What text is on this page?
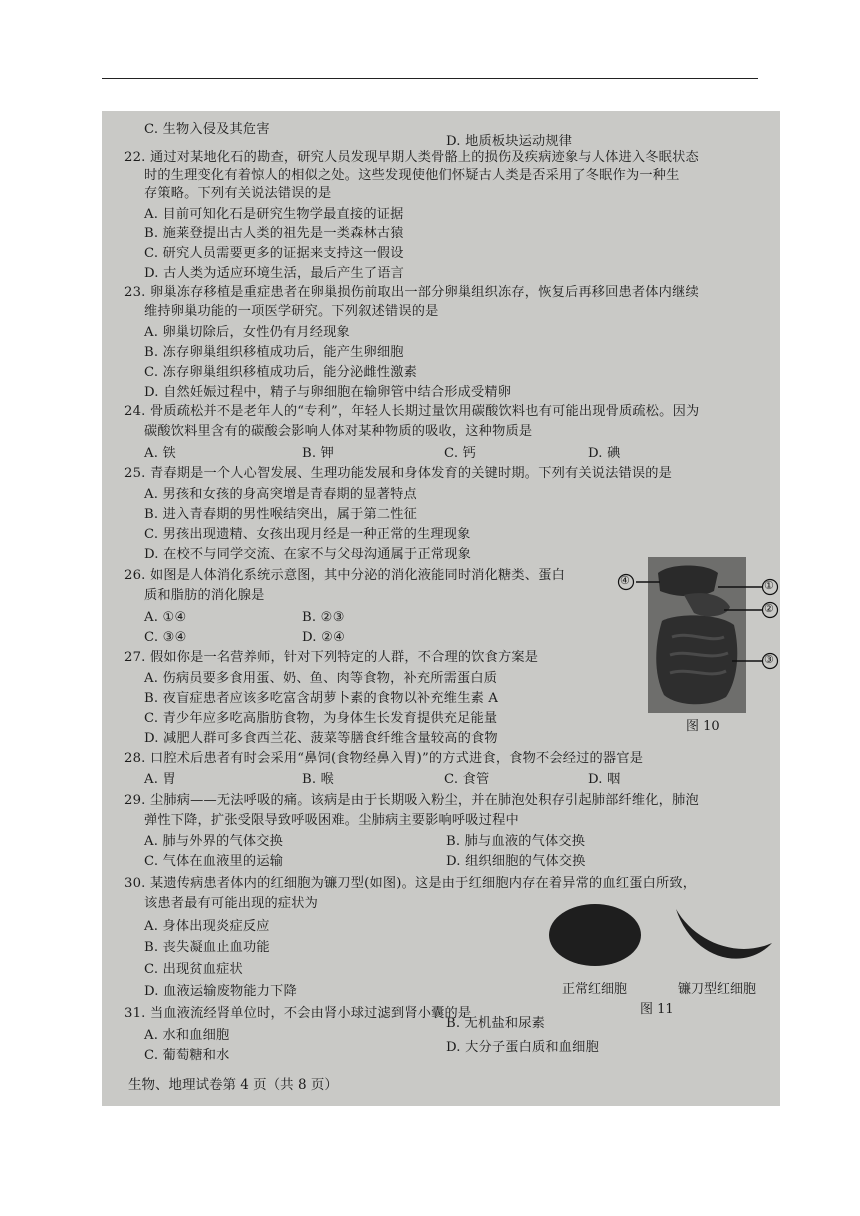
C. 生物入侵及其危害
D. 地质板块运动规律
22. 通过对某地化石的勘查，研究人员发现早期人类骨骼上的损伤及疾病迹象与人体进入冬眠状态
时的生理变化有着惊人的相似之处。这些发现使他们怀疑古人类是否采用了冬眠作为一种生
存策略。下列有关说法错误的是
A. 目前可知化石是研究生物学最直接的证据
B. 施莱登提出古人类的祖先是一类森林古猿
C. 研究人员需要更多的证据来支持这一假设
D. 古人类为适应环境生活，最后产生了语言
23. 卵巢冻存移植是重症患者在卵巢损伤前取出一部分卵巢组织冻存，恢复后再移回患者体内继续
维持卵巢功能的一项医学研究。下列叙述错误的是
A. 卵巢切除后，女性仍有月经现象
B. 冻存卵巢组织移植成功后，能产生卵细胞
C. 冻存卵巢组织移植成功后，能分泌雌性激素
D. 自然妊娠过程中，精子与卵细胞在输卵管中结合形成受精卵
24. 骨质疏松并不是老年人的“专利”，年轻人长期过量饮用碳酸饮料也有可能出现骨质疏松。因为
碳酸饮料里含有的碳酸会影响人体对某种物质的吸收，这种物质是
A. 铁	B. 钾	C. 钙	D. 碘
25. 青春期是一个人心智发展、生理功能发展和身体发育的关键时期。下列有关说法错误的是
A. 男孩和女孩的身高突增是青春期的显著特点
B. 进入青春期的男性喉结突出，属于第二性征
C. 男孩出现遗精、女孩出现月经是一种正常的生理现象
D. 在校不与同学交流、在家不与父母沟通属于正常现象
26. 如图是人体消化系统示意图，其中分泌的消化液能同时消化糖类、蛋白
质和脂肪的消化腺是
A. ①④	B. ②③
C. ③④	D. ②④
27. 假如你是一名营养师，针对下列特定的人群，不合理的饮食方案是
A. 伤病员要多食用蛋、奶、鱼、肉等食物，补充所需蛋白质
B. 夜盲症患者应该多吃富含胡萝卜素的食物以补充维生素 A
C. 青少年应多吃高脂肪食物，为身体生长发育提供充足能量
D. 减肥人群可多食西兰花、菠菜等膳食纤维含量较高的食物
28. 口腔术后患者有时会采用“鼻饲(食物经鼻入胃)”的方式进食，食物不会经过的器官是
A. 胃	B. 喉	C. 食管	D. 咽
29. 尘肺病——无法呼吸的痛。该病是由于长期吸入粉尘，并在肺泡处积存引起肺部纤维化，肺泡
弹性下降，扩张受限导致呼吸困难。尘肺病主要影响呼吸过程中
A. 肺与外界的气体交换	B. 肺与血液的气体交换
C. 气体在血液里的运输	D. 组织细胞的气体交换
30. 某遗传病患者体内的红细胞为镰刀型(如图)。这是由于红细胞内存在着异常的血红蛋白所致，
该患者最有可能出现的症状为
A. 身体出现炎症反应
B. 丧失凝血止血功能
C. 出现贫血症状
D. 血液运输废物能力下降
31. 当血液流经肾单位时，不会由肾小球过滤到肾小囊的是
B. 无机盐和尿素
A. 水和血细胞
C. 葡萄糖和水
D. 大分子蛋白质和血细胞
④	①
②
③
图 10
正常红细胞	镰刀型红细胞
图 11
生物、地理试卷第 4 页（共 8 页）
